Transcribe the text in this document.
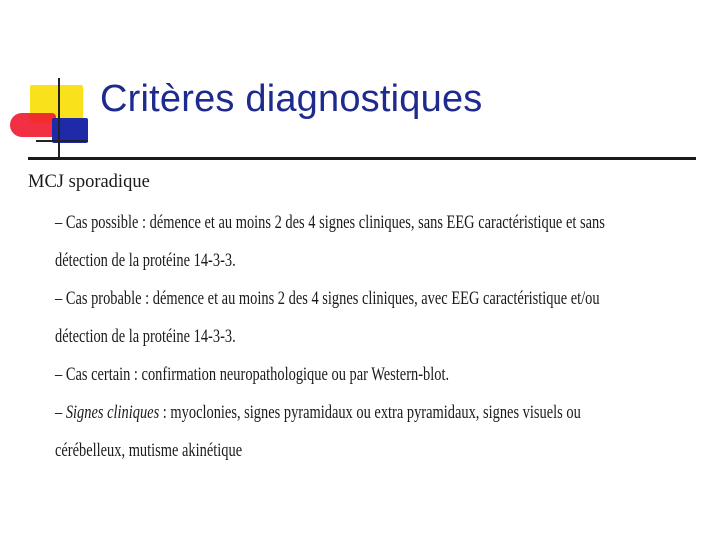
Critères diagnostiques
MCJ sporadique
– Cas possible : démence et au moins 2 des 4 signes cliniques, sans EEG caractéristique et sans
détection de la protéine 14-3-3.
– Cas probable : démence et au moins 2 des 4 signes cliniques, avec EEG caractéristique et/ou
détection de la protéine 14-3-3.
– Cas certain : confirmation neuropathologique ou par Western-blot.
– Signes cliniques : myoclonies, signes pyramidaux ou extra pyramidaux, signes visuels ou
cérébelleux, mutisme akinétique
